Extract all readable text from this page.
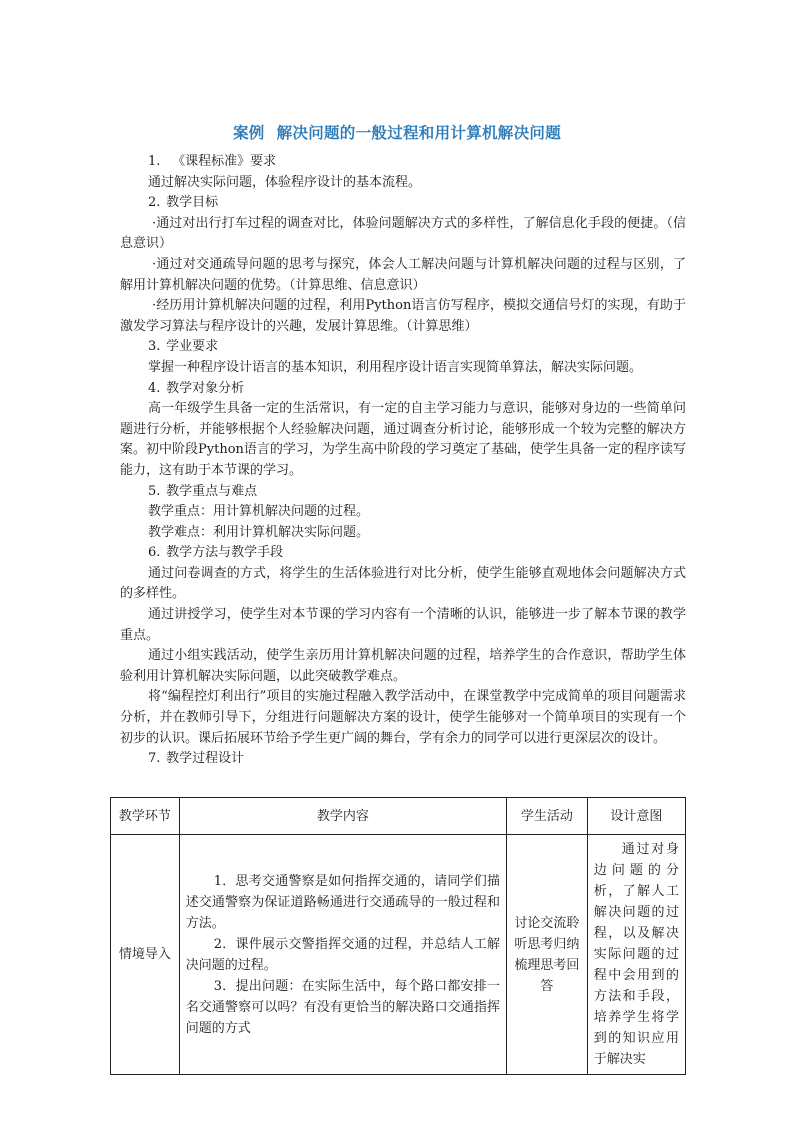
案例 解决问题的一般过程和用计算机解决问题

1. 《课程标准》要求

通过解决实际问题，体验程序设计的基本流程。

2. 教学目标

·通过对出行打车过程的调查对比，体验问题解决方式的多样性，了解信息化手段的便捷。（信息意识）

·通过对交通疏导问题的思考与探究，体会人工解决问题与计算机解决问题的过程与区别，了解用计算机解决问题的优势。（计算思维、信息意识）

·经历用计算机解决问题的过程，利用Python语言仿写程序，模拟交通信号灯的实现，有助于激发学习算法与程序设计的兴趣，发展计算思维。（计算思维）

3. 学业要求

掌握一种程序设计语言的基本知识，利用程序设计语言实现简单算法，解决实际问题。

4. 教学对象分析

高一年级学生具备一定的生活常识，有一定的自主学习能力与意识，能够对身边的一些简单问题进行分析，并能够根据个人经验解决问题，通过调查分析讨论，能够形成一个较为完整的解决方案。初中阶段Python语言的学习，为学生高中阶段的学习奠定了基础，使学生具备一定的程序读写能力，这有助于本节课的学习。

5. 教学重点与难点

教学重点：用计算机解决问题的过程。

教学难点：利用计算机解决实际问题。

6. 教学方法与教学手段

通过问卷调查的方式，将学生的生活体验进行对比分析，使学生能够直观地体会问题解决方式的多样性。

通过讲授学习，使学生对本节课的学习内容有一个清晰的认识，能够进一步了解本节课的教学重点。

通过小组实践活动，使学生亲历用计算机解决问题的过程，培养学生的合作意识，帮助学生体验利用计算机解决实际问题，以此突破教学难点。

将“编程控灯利出行”项目的实施过程融入教学活动中，在课堂教学中完成简单的项目问题需求分析，并在教师引导下，分组进行问题解决方案的设计，使学生能够对一个简单项目的实现有一个初步的认识。课后拓展环节给予学生更广阔的舞台，学有余力的同学可以进行更深层次的设计。

7. 教学过程设计

教学环节	教学内容	学生活动	设计意图
情境导入	1．思考交通警察是如何指挥交通的，请同学们描述交通警察为保证道路畅通进行交通疏导的一般过程和方法。

2．课件展示交警指挥交通的过程，并总结人工解决问题的过程。

3．提出问题：在实际生活中，每个路口都安排一名交通警察可以吗？有没有更恰当的解决路口交通指挥问题的方式	讨论交流聆听思考归纳梳理思考回答	通过对身边问题的分析，了解人工解决问题的过程，以及解决实际问题的过程中会用到的方法和手段，培养学生将学到的知识应用于解决实
